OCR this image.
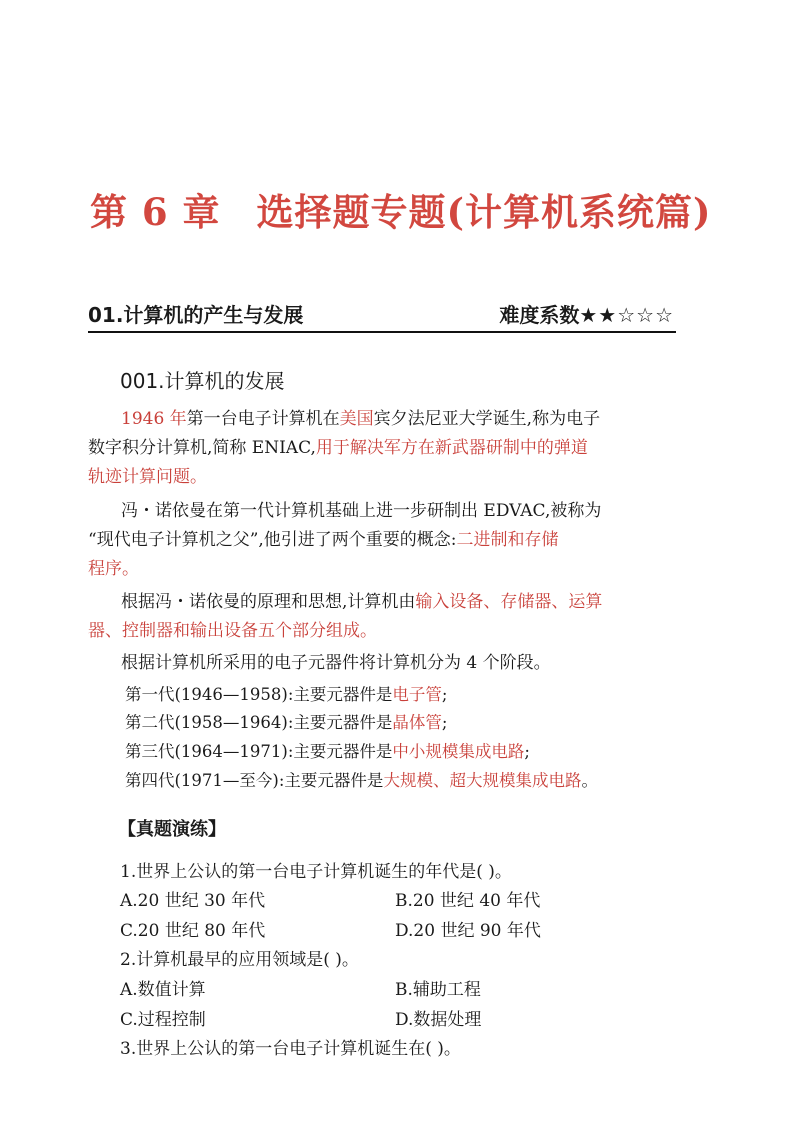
第 6 章 选择题专题(计算机系统篇)
01.计算机的产生与发展	难度系数★★☆☆☆
001.计算机的发展
1946 年第一台电子计算机在美国宾夕法尼亚大学诞生,称为电子
数字积分计算机,简称 ENIAC,用于解决军方在新武器研制中的弹道
轨迹计算问题。
冯・诺依曼在第一代计算机基础上进一步研制出 EDVAC,被称为
“现代电子计算机之父”,他引进了两个重要的概念:二进制和存储
程序。
根据冯・诺依曼的原理和思想,计算机由输入设备、存储器、运算
器、控制器和输出设备五个部分组成。
根据计算机所采用的电子元器件将计算机分为 4 个阶段。
第一代(1946—1958):主要元器件是电子管;
第二代(1958—1964):主要元器件是晶体管;
第三代(1964—1971):主要元器件是中小规模集成电路;
第四代(1971—至今):主要元器件是大规模、超大规模集成电路。
【真题演练】
1.世界上公认的第一台电子计算机诞生的年代是( )。
A.20 世纪 30 年代	B.20 世纪 40 年代
C.20 世纪 80 年代	D.20 世纪 90 年代
2.计算机最早的应用领域是( )。
A.数值计算	B.辅助工程
C.过程控制	D.数据处理
3.世界上公认的第一台电子计算机诞生在( )。
